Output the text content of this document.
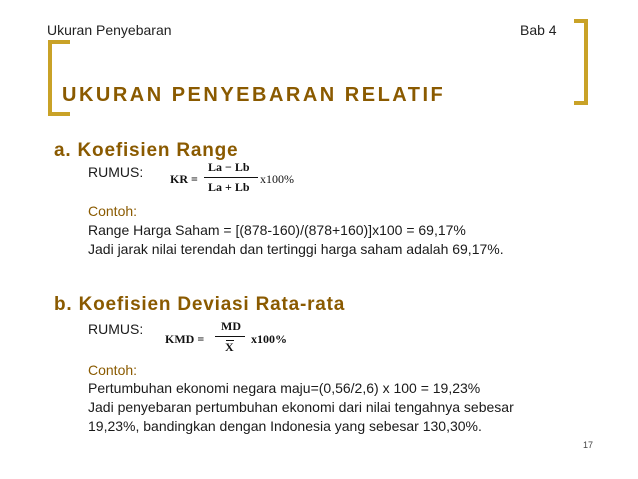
Ukuran Penyebaran	Bab 4
UKURAN PENYEBARAN RELATIF
a. Koefisien Range
RUMUS: KR =
La − Lb
La + Lb
x100%
Contoh:
Range Harga Saham = [(878-160)/(878+160)]x100 = 69,17%
Jadi jarak nilai terendah dan tertinggi harga saham adalah 69,17%.
b. Koefisien Deviasi Rata-rata
RUMUS:
KMD =
MD
X
x100%
Contoh:
Pertumbuhan ekonomi negara maju=(0,56/2,6) x 100 = 19,23%
Jadi penyebaran pertumbuhan ekonomi dari nilai tengahnya sebesar
19,23%, bandingkan dengan Indonesia yang sebesar 130,30%.
17
